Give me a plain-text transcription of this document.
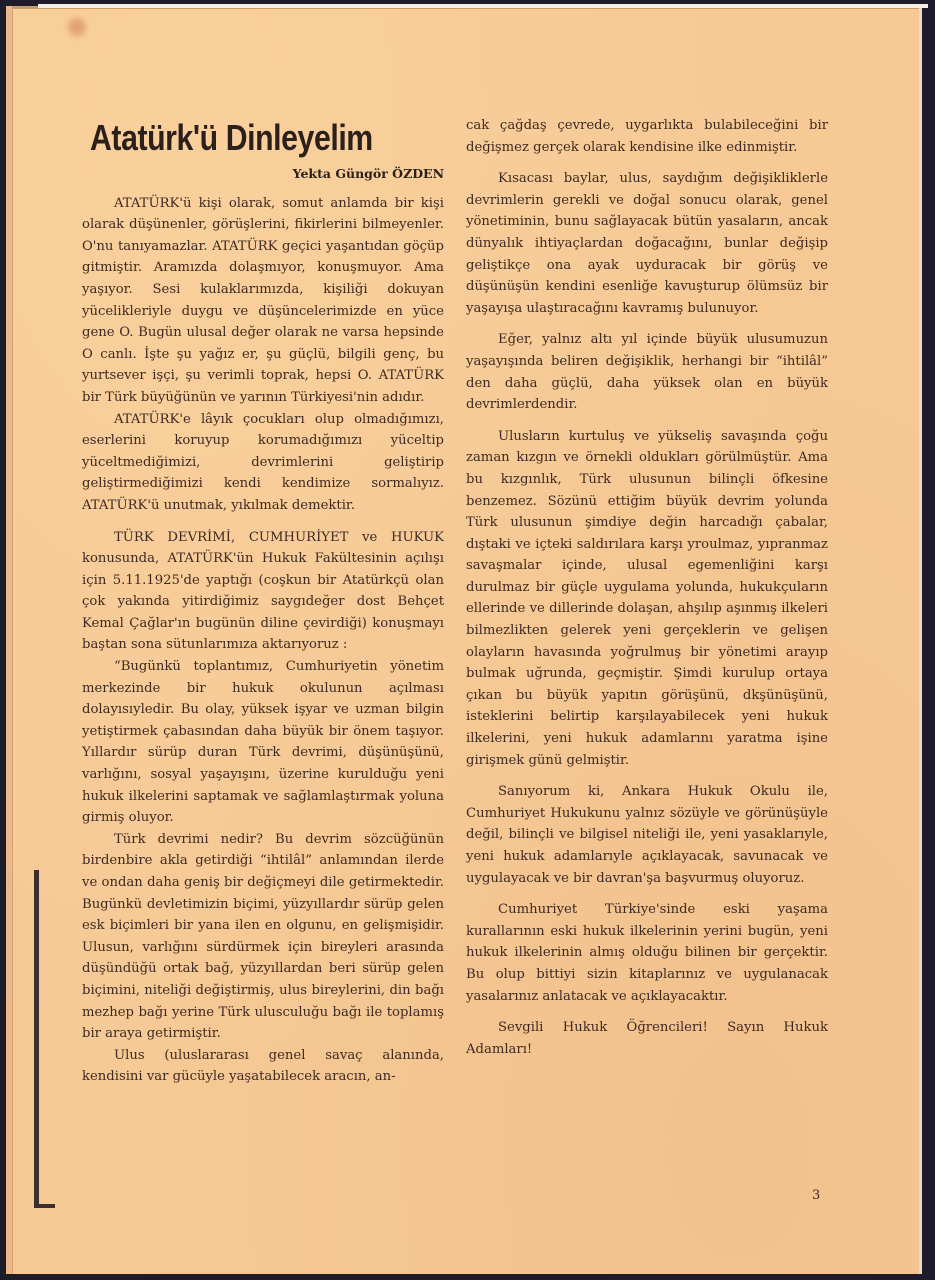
Atatürk'ü Dinleyelim
Yekta Güngör ÖZDEN

ATATÜRK'ü kişi olarak, somut anlamda bir kişi olarak düşünenler, görüşlerini, fikirlerini bilmeyenler. O'nu tanıyamazlar. ATATÜRK geçici yaşantıdan göçüp gitmiştir. Aramızda dolaşmıyor, konuşmuyor. Ama yaşıyor. Sesi kulaklarımızda, kişiliği dokuyan yücelikleriyle duygu ve düşüncelerimizde en yüce gene O. Bugün ulusal değer olarak ne varsa hepsinde O canlı. İşte şu yağız er, şu güçlü, bilgili genç, bu yurtsever işçi, şu verimli toprak, hepsi O. ATATÜRK bir Türk büyüğünün ve yarının Türkiyesi'nin adıdır.

ATATÜRK'e lâyık çocukları olup olmadığımızı, eserlerini koruyup korumadığımızı yüceltip yüceltmediğimizi, devrimlerini geliştirip geliştirmediğimizi kendi kendimize sormalıyız. ATATÜRK'ü unutmak, yıkılmak demektir.

TÜRK DEVRİMİ, CUMHURİYET ve HUKUK konusunda, ATATÜRK'ün Hukuk Fakültesinin açılışı için 5.11.1925'de yaptığı (coşkun bir Atatürkçü olan çok yakında yitirdiğimiz saygıdeğer dost Behçet Kemal Çağlar'ın bugünün diline çevirdiği) konuşmayı baştan sona sütunlarımıza aktarıyoruz :

“Bugünkü toplantımız, Cumhuriyetin yönetim merkezinde bir hukuk okulunun açılması dolayısıyledir. Bu olay, yüksek işyar ve uzman bilgin yetiştirmek çabasından daha büyük bir önem taşıyor. Yıllardır sürüp duran Türk devrimi, düşünüşünü, varlığını, sosyal yaşayışını, üzerine kurulduğu yeni hukuk ilkelerini saptamak ve sağlamlaştırmak yoluna girmiş oluyor.

Türk devrimi nedir? Bu devrim sözcüğünün birdenbire akla getirdiği “ihtilâl” anlamından ilerde ve ondan daha geniş bir değiçmeyi dile getirmektedir. Bugünkü devletimizin biçimi, yüzyıllardır sürüp gelen esk biçimleri bir yana ilen en olgunu, en gelişmişidir. Ulusun, varlığını sürdürmek için bireyleri arasında düşündüğü ortak bağ, yüzyıllardan beri sürüp gelen biçimini, niteliği değiştirmiş, ulus bireylerini, din bağı mezhep bağı yerine Türk ulusculuğu bağı ile toplamış bir araya getirmiştir.

Ulus (uluslararası genel savaç alanında, kendisini var gücüyle yaşatabilecek aracın, an-

cak çağdaş çevrede, uygarlıkta bulabileceğini bir değişmez gerçek olarak kendisine ilke edinmiştir.

Kısacası baylar, ulus, saydığım değişikliklerle devrimlerin gerekli ve doğal sonucu olarak, genel yönetiminin, bunu sağlayacak bütün yasaların, ancak dünyalık ihtiyaçlardan doğacağını, bunlar değişip geliştikçe ona ayak uyduracak bir görüş ve düşünüşün kendini esenliğe kavuşturup ölümsüz bir yaşayışa ulaştıracağını kavramış bulunuyor.

Eğer, yalnız altı yıl içinde büyük ulusumuzun yaşayışında beliren değişiklik, herhangi bir “ihtilâl” den daha güçlü, daha yüksek olan en büyük devrimlerdendir.

Ulusların kurtuluş ve yükseliş savaşında çoğu zaman kızgın ve örnekli oldukları görülmüştür. Ama bu kızgınlık, Türk ulusunun bilinçli öfkesine benzemez. Sözünü ettiğim büyük devrim yolunda Türk ulusunun şimdiye değin harcadığı çabalar, dıştaki ve içteki saldırılara karşı yroulmaz, yıpranmaz savaşmalar içinde, ulusal egemenliğini karşı durulmaz bir güçle uygulama yolunda, hukukçuların ellerinde ve dillerinde dolaşan, ahşılıp aşınmış ilkeleri bilmezlikten gelerek yeni gerçeklerin ve gelişen olayların havasında yoğrulmuş bir yönetimi arayıp bulmak uğrunda, geçmiştir. Şimdi kurulup ortaya çıkan bu büyük yapıtın görüşünü, dkşünüşünü, isteklerini belirtip karşılayabilecek yeni hukuk ilkelerini, yeni hukuk adamlarını yaratma işine girişmek günü gelmiştir.

Sanıyorum ki, Ankara Hukuk Okulu ile, Cumhuriyet Hukukunu yalnız sözüyle ve görünüşüyle değil, bilinçli ve bilgisel niteliği ile, yeni yasaklarıyle, yeni hukuk adamlarıyle açıklayacak, savunacak ve uygulayacak ve bir davran'şa başvurmuş oluyoruz.

Cumhuriyet Türkiye'sinde eski yaşama kurallarının eski hukuk ilkelerinin yerini bugün, yeni hukuk ilkelerinin almış olduğu bilinen bir gerçektir. Bu olup bittiyi sizin kitaplarınız ve uygulanacak yasalarınız anlatacak ve açıklayacaktır.

Sevgili Hukuk Öğrencileri! Sayın Hukuk Adamları!

3
